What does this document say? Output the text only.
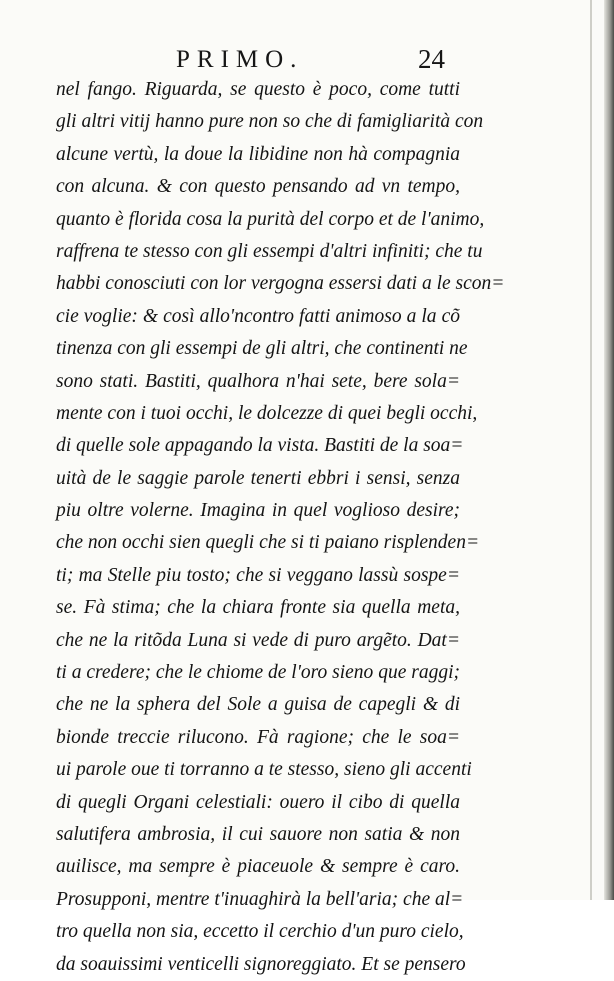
PRIMO.	24
nel fango. Riguarda, se questo è poco, come tutti
gli altri vitij hanno pure non so che di famigliarità con
alcune vertù, la doue la libidine non hà compagnia
con alcuna. & con questo pensando ad vn tempo,
quanto è florida cosa la purità del corpo et de l'animo,
raffrena te stesso con gli essempi d'altri infiniti; che tu
habbi conosciuti con lor vergogna essersi dati a le scon=
cie voglie: & così allo'ncontro fatti animoso a la cõ
tinenza con gli essempi de gli altri, che continenti ne
sono stati. Bastiti, qualhora n'hai sete, bere sola=
mente con i tuoi occhi, le dolcezze di quei begli occhi,
di quelle sole appagando la vista. Bastiti de la soa=
uità de le saggie parole tenerti ebbri i sensi, senza
piu oltre volerne. Imagina in quel voglioso desire;
che non occhi sien quegli che si ti paiano risplenden=
ti; ma Stelle piu tosto; che si veggano lassù sospe=
se. Fà stima; che la chiara fronte sia quella meta,
che ne la ritõda Luna si vede di puro argẽto. Dat=
ti a credere; che le chiome de l'oro sieno que raggi;
che ne la sphera del Sole a guisa de capegli & di
bionde treccie rilucono. Fà ragione; che le soa=
ui parole oue ti torranno a te stesso, sieno gli accenti
di quegli Organi celestiali: ouero il cibo di quella
salutifera ambrosia, il cui sauore non satia & non
auilisce, ma sempre è piaceuole & sempre è caro.
Prosupponi, mentre t'inuaghirà la bell'aria; che al=
tro quella non sia, eccetto il cerchio d'un puro cielo,
da soauissimi venticelli signoreggiato. Et se pensero
